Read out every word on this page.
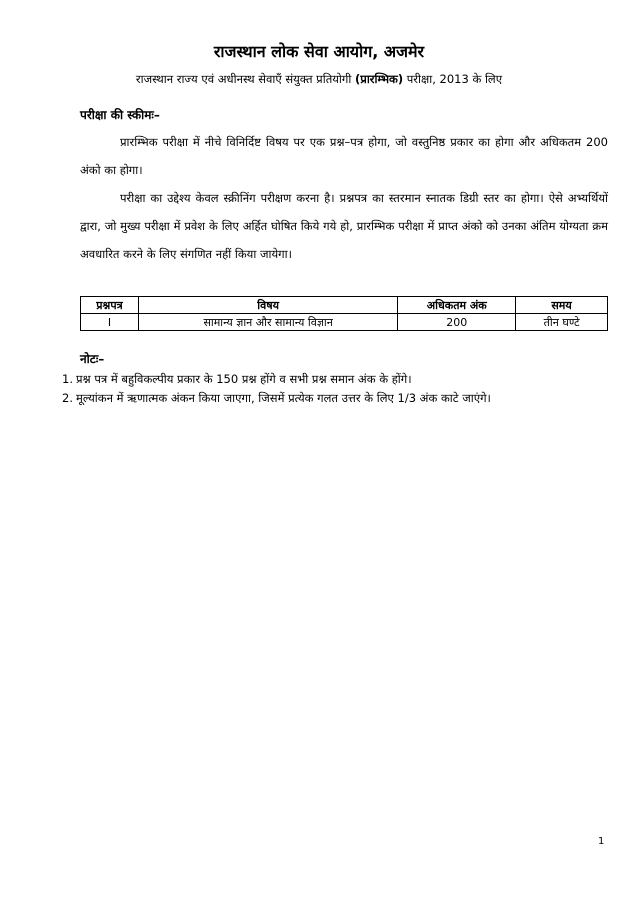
राजस्थान लोक सेवा आयोग, अजमेर
राजस्थान राज्य एवं अधीनस्थ सेवाएँ संयुक्त प्रतियोगी (प्रारम्भिक) परीक्षा, 2013 के लिए
परीक्षा की स्कीमः–

प्रारम्भिक परीक्षा में नीचे विनिर्दिष्ट विषय पर एक प्रश्न–पत्र होगा, जो वस्तुनिष्ठ प्रकार का होगा और अधिकतम 200 अंको का होगा।

परीक्षा का उद्देश्य केवल स्क्रीनिंग परीक्षण करना है। प्रश्नपत्र का स्तरमान स्नातक डिग्री स्तर का होगा। ऐसे अभ्यर्थियों द्वारा, जो मुख्य परीक्षा में प्रवेश के लिए अर्हित घोषित किये गये हो, प्रारम्भिक परीक्षा में प्राप्त अंको को उनका अंतिम योग्यता क्रम अवधारित करने के लिए संगणित नहीं किया जायेगा।

प्रश्नपत्र	विषय	अधिकतम अंक	समय
I	सामान्य ज्ञान और सामान्य विज्ञान	200	तीन घण्टे
नोटः–
1. प्रश्न पत्र में बहुविकल्पीय प्रकार के 150 प्रश्न होंगे व सभी प्रश्न समान अंक के होंगे।
2. मूल्यांकन में ऋणात्मक अंकन किया जाएगा, जिसमें प्रत्येक गलत उत्तर के लिए 1/3 अंक काटे जाएंगे।
1
